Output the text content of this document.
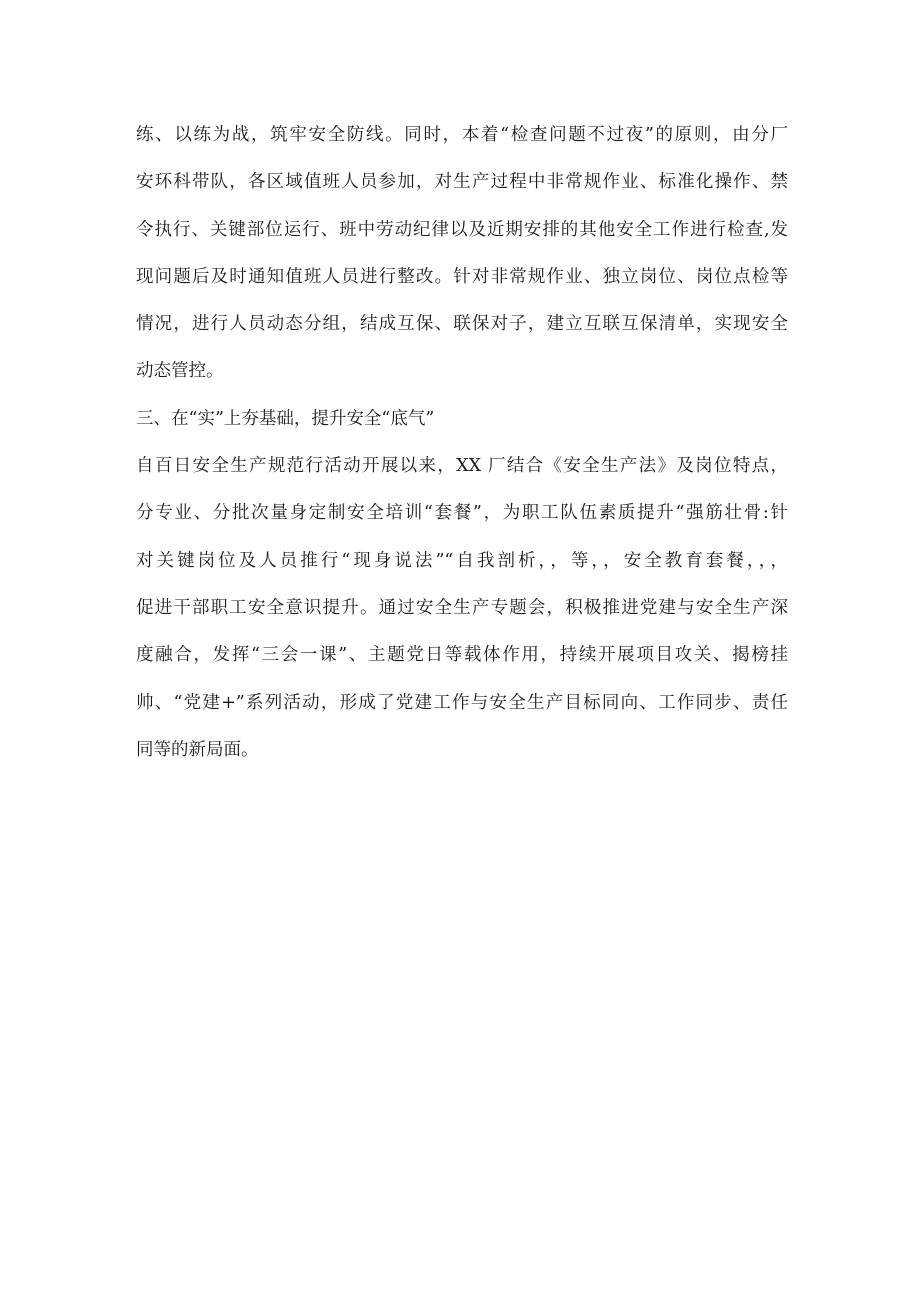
练、以练为战，筑牢安全防线。同时，本着“检查问题不过夜”的原则，由分厂
安环科带队，各区域值班人员参加，对生产过程中非常规作业、标准化操作、禁
令执行、关键部位运行、班中劳动纪律以及近期安排的其他安全工作进行检查,发
现问题后及时通知值班人员进行整改。针对非常规作业、独立岗位、岗位点检等
情况，进行人员动态分组，结成互保、联保对子，建立互联互保清单，实现安全
动态管控。
三、在“实”上夯基础，提升安全“底气”
自百日安全生产规范行活动开展以来，XX 厂结合《安全生产法》及岗位特点，
分专业、分批次量身定制安全培训“套餐”，为职工队伍素质提升“强筋壮骨:针
对关键岗位及人员推行“现身说法”“自我剖析，，等，，安全教育套餐，，，
促进干部职工安全意识提升。通过安全生产专题会，积极推进党建与安全生产深
度融合，发挥“三会一课”、主题党日等载体作用，持续开展项目攻关、揭榜挂
帅、“党建+”系列活动，形成了党建工作与安全生产目标同向、工作同步、责任
同等的新局面。
